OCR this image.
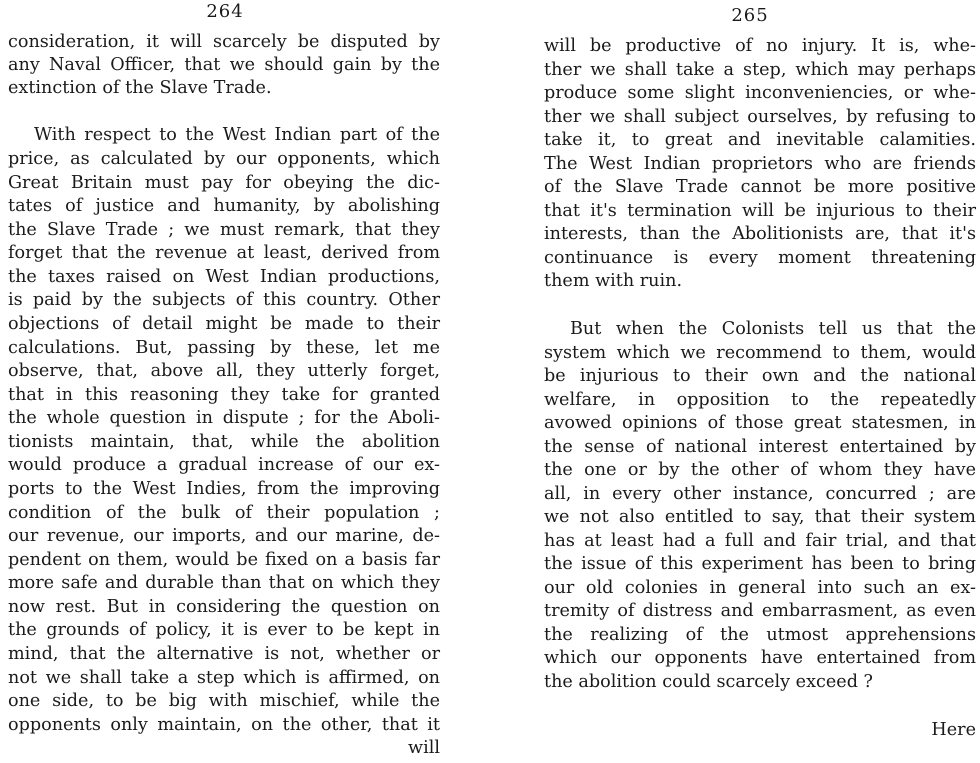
264
consideration, it will scarcely be disputed by
any Naval Officer, that we should gain by the
extinction of the Slave Trade.
With respect to the West Indian part of the
price, as calculated by our opponents, which
Great Britain must pay for obeying the dic-
tates of justice and humanity, by abolishing
the Slave Trade ; we must remark, that they
forget that the revenue at least, derived from
the taxes raised on West Indian productions,
is paid by the subjects of this country. Other
objections of detail might be made to their
calculations. But, passing by these, let me
observe, that, above all, they utterly forget,
that in this reasoning they take for granted
the whole question in dispute ; for the Aboli-
tionists maintain, that, while the abolition
would produce a gradual increase of our ex-
ports to the West Indies, from the improving
condition of the bulk of their population ;
our revenue, our imports, and our marine, de-
pendent on them, would be fixed on a basis far
more safe and durable than that on which they
now rest. But in considering the question on
the grounds of policy, it is ever to be kept in
mind, that the alternative is not, whether or
not we shall take a step which is affirmed, on
one side, to be big with mischief, while the
opponents only maintain, on the other, that it
will
265
will be productive of no injury. It is, whe-
ther we shall take a step, which may perhaps
produce some slight inconveniencies, or whe-
ther we shall subject ourselves, by refusing to
take it, to great and inevitable calamities.
The West Indian proprietors who are friends
of the Slave Trade cannot be more positive
that it's termination will be injurious to their
interests, than the Abolitionists are, that it's
continuance is every moment threatening
them with ruin.
But when the Colonists tell us that the
system which we recommend to them, would
be injurious to their own and the national
welfare, in opposition to the repeatedly
avowed opinions of those great statesmen, in
the sense of national interest entertained by
the one or by the other of whom they have
all, in every other instance, concurred ; are
we not also entitled to say, that their system
has at least had a full and fair trial, and that
the issue of this experiment has been to bring
our old colonies in general into such an ex-
tremity of distress and embarrasment, as even
the realizing of the utmost apprehensions
which our opponents have entertained from
the abolition could scarcely exceed ?
Here
